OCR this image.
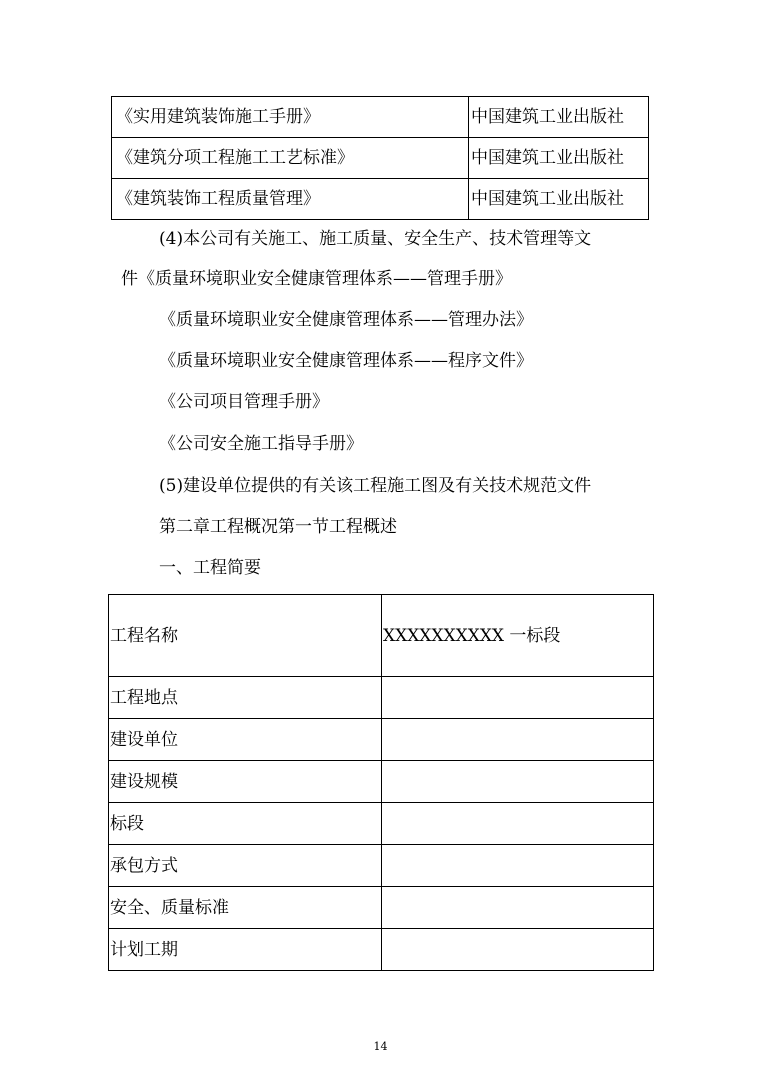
《实用建筑装饰施工手册》	中国建筑工业出版社
《建筑分项工程施工工艺标准》	中国建筑工业出版社
《建筑装饰工程质量管理》	中国建筑工业出版社
(4)本公司有关施工、施工质量、安全生产、技术管理等文
件《质量环境职业安全健康管理体系——管理手册》
《质量环境职业安全健康管理体系——管理办法》
《质量环境职业安全健康管理体系——程序文件》
《公司项目管理手册》
《公司安全施工指导手册》
(5)建设单位提供的有关该工程施工图及有关技术规范文件
第二章工程概况第一节工程概述
一、工程简要
工程名称	XXXXXXXXXX 一标段
工程地点	
建设单位	
建设规模	
标段	
承包方式	
安全、质量标准	
计划工期	
14
